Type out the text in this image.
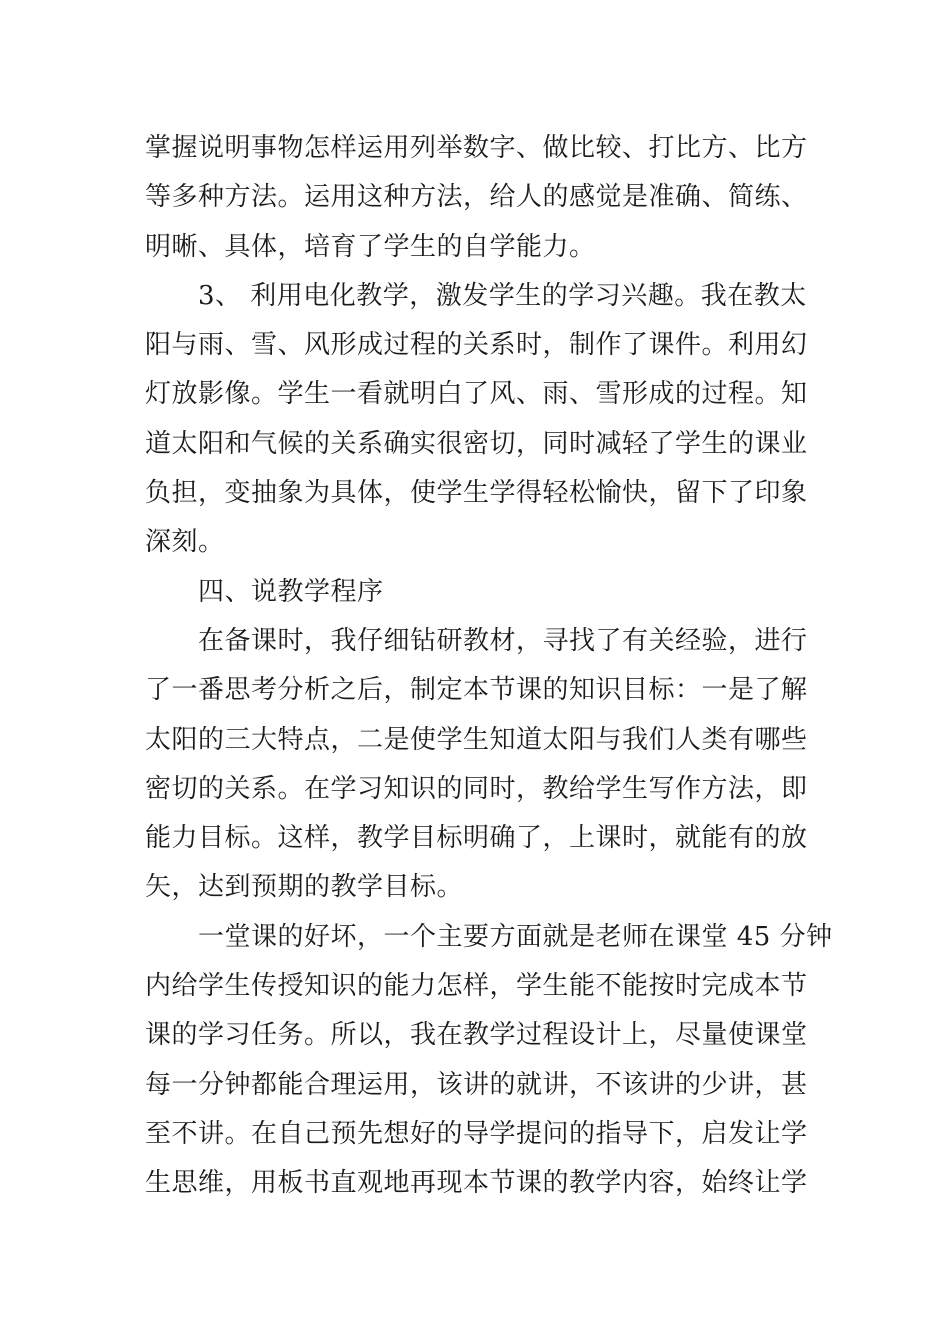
掌握说明事物怎样运用列举数字、做比较、打比方、比方
等多种方法。运用这种方法，给人的感觉是准确、简练、
明晰、具体，培育了学生的自学能力。
3、 利用电化教学，激发学生的学习兴趣。我在教太
阳与雨、雪、风形成过程的关系时，制作了课件。利用幻
灯放影像。学生一看就明白了风、雨、雪形成的过程。知
道太阳和气候的关系确实很密切，同时减轻了学生的课业
负担，变抽象为具体，使学生学得轻松愉快，留下了印象
深刻。
四、说教学程序
在备课时，我仔细钻研教材，寻找了有关经验，进行
了一番思考分析之后，制定本节课的知识目标：一是了解
太阳的三大特点，二是使学生知道太阳与我们人类有哪些
密切的关系。在学习知识的同时，教给学生写作方法，即
能力目标。这样，教学目标明确了，上课时，就能有的放
矢，达到预期的教学目标。
一堂课的好坏，一个主要方面就是老师在课堂 45 分钟
内给学生传授知识的能力怎样，学生能不能按时完成本节
课的学习任务。所以，我在教学过程设计上，尽量使课堂
每一分钟都能合理运用，该讲的就讲，不该讲的少讲，甚
至不讲。在自己预先想好的导学提问的指导下，启发让学
生思维，用板书直观地再现本节课的教学内容，始终让学
